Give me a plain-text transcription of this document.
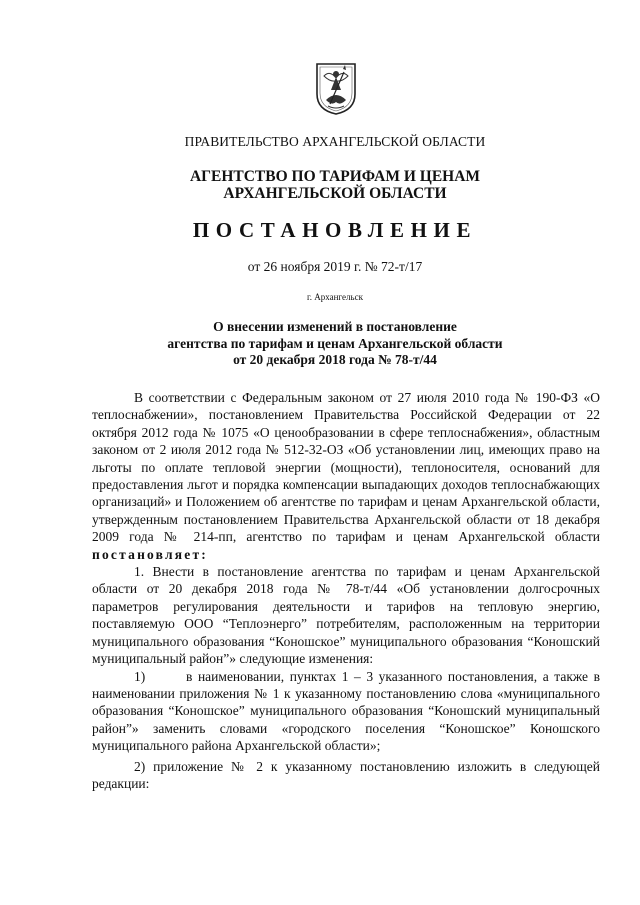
ПРАВИТЕЛЬСТВО АРХАНГЕЛЬСКОЙ ОБЛАСТИ
АГЕНТСТВО ПО ТАРИФАМ И ЦЕНАМ
АРХАНГЕЛЬСКОЙ ОБЛАСТИ
ПОСТАНОВЛЕНИЕ
от 26 ноября 2019 г. № 72-т/17
г. Архангельск
О внесении изменений в постановление
агентства по тарифам и ценам Архангельской области
от 20 декабря 2018 года № 78-т/44

В соответствии с Федеральным законом от 27 июля 2010 года № 190-ФЗ «О теплоснабжении», постановлением Правительства Российской Федерации от 22 октября 2012 года № 1075 «О ценообразовании в сфере теплоснабжения», областным законом от 2 июля 2012 года № 512-32-ОЗ «Об установлении лиц, имеющих право на льготы по оплате тепловой энергии (мощности), теплоносителя, оснований для предоставления льгот и порядка компенсации выпадающих доходов теплоснабжающих организаций» и Положением об агентстве по тарифам и ценам Архангельской области, утвержденным постановлением Правительства Архангельской области от 18 декабря 2009 года № 214-пп, агентство по тарифам и ценам Архангельской области постановляет:

1. Внести в постановление агентства по тарифам и ценам Архангельской области от 20 декабря 2018 года № 78-т/44 «Об установлении долгосрочных параметров регулирования деятельности и тарифов на тепловую энергию, поставляемую ООО “Теплоэнерго” потребителям, расположенным на территории муниципального образования “Коношское” муниципального образования “Коношский муниципальный район”» следующие изменения:

1)	в наименовании, пунктах 1 – 3 указанного постановления, а также в наименовании приложения № 1 к указанному постановлению слова «муниципального образования “Коношское” муниципального образования “Коношский муниципальный район”» заменить словами «городского поселения “Коношское” Коношского муниципального района Архангельской области»;

2) приложение № 2 к указанному постановлению изложить в следующей редакции:
